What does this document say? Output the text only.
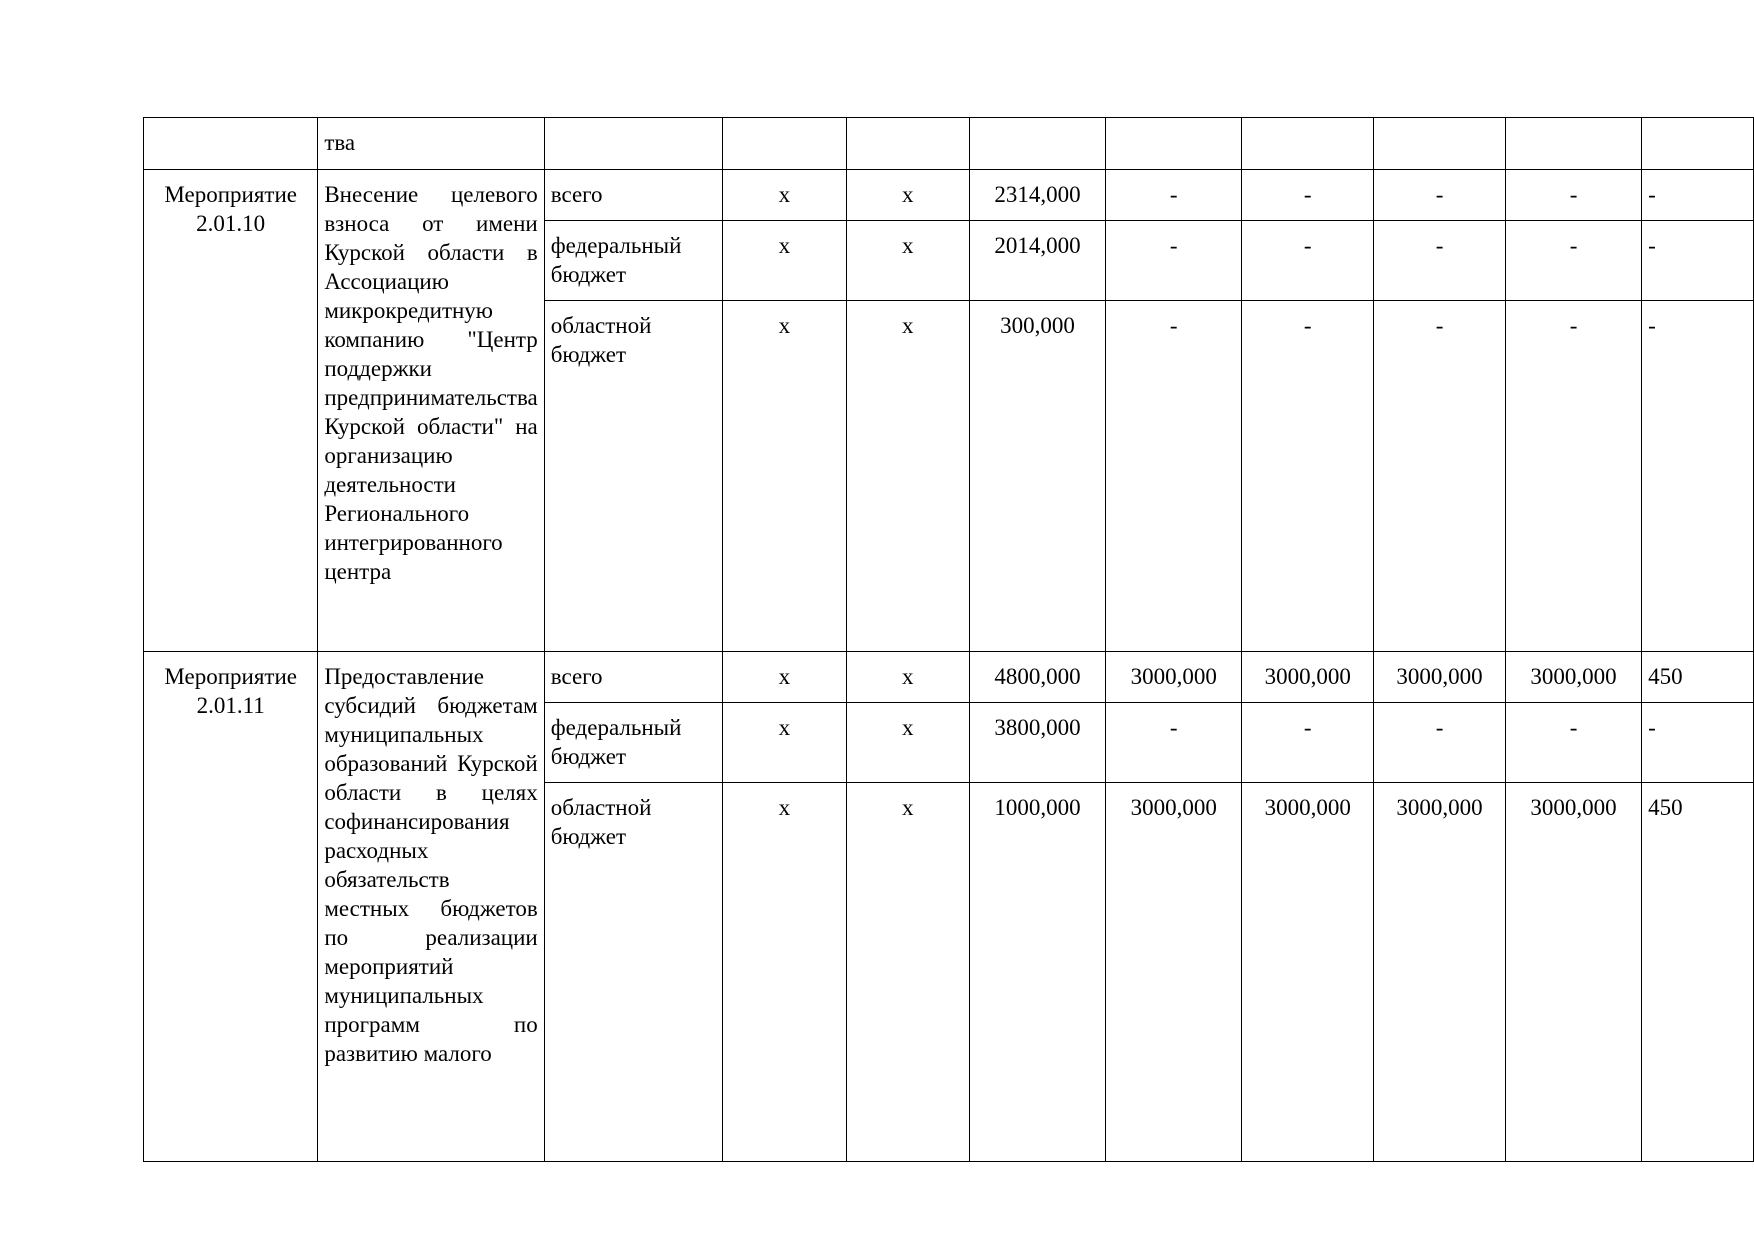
	тва									
Мероприятие 2.01.10	Внесение целевого взноса от имени Курской области в Ассоциацию микрокредитную компанию "Центр поддержки предпринимательства Курской области" на организацию деятельности Регионального интегрированного центра	всего	х	х	2314,000	-	-	-	-	-
		федеральный бюджет	х	х	2014,000	-	-	-	-	-
		областной бюджет	х	х	300,000	-	-	-	-	-
Мероприятие 2.01.11	Предоставление субсидий бюджетам муниципальных образований Курской области в целях софинансирования расходных обязательств местных бюджетов по реализации мероприятий муниципальных программ по развитию малого	всего	х	х	4800,000	3000,000	3000,000	3000,000	3000,000	450
		федеральный бюджет	х	х	3800,000	-	-	-	-	-
		областной бюджет	х	х	1000,000	3000,000	3000,000	3000,000	3000,000	450
